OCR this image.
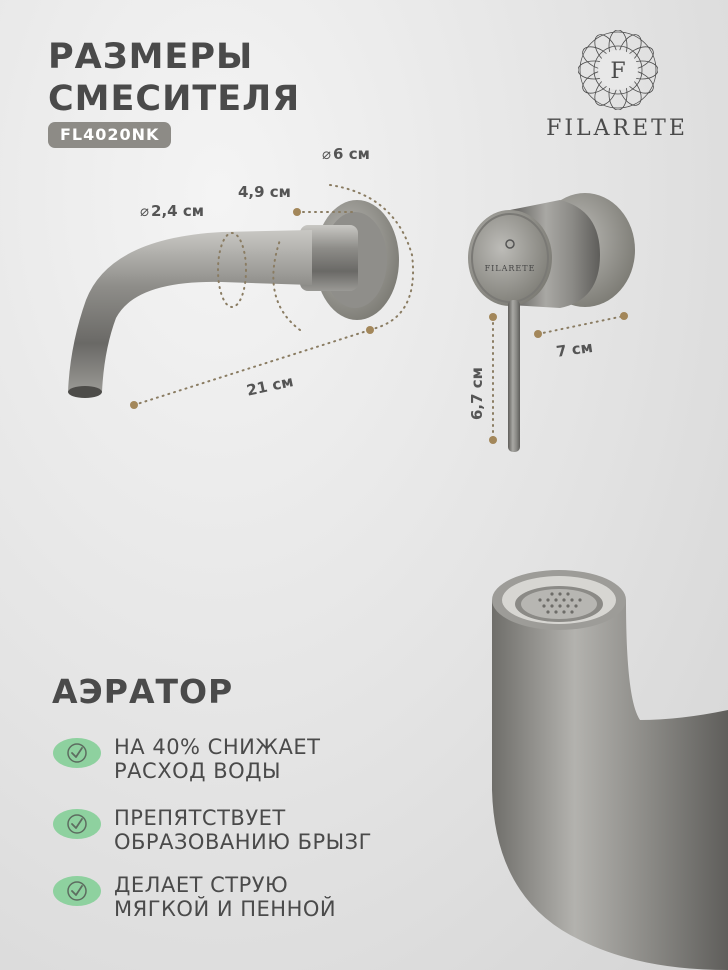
РАЗМЕРЫ
СМЕСИТЕЛЯ
FL4020NK
F
FILARETE
FILARETE
⌀ 2,4 см
⌀ 6 см
4,9 см
21 см
7 см
6,7 см
АЭРАТОР
НА 40% СНИЖАЕТ
РАСХОД ВОДЫ
ПРЕПЯТСТВУЕТ
ОБРАЗОВАНИЮ БРЫЗГ
ДЕЛАЕТ СТРУЮ
МЯГКОЙ И ПЕННОЙ
